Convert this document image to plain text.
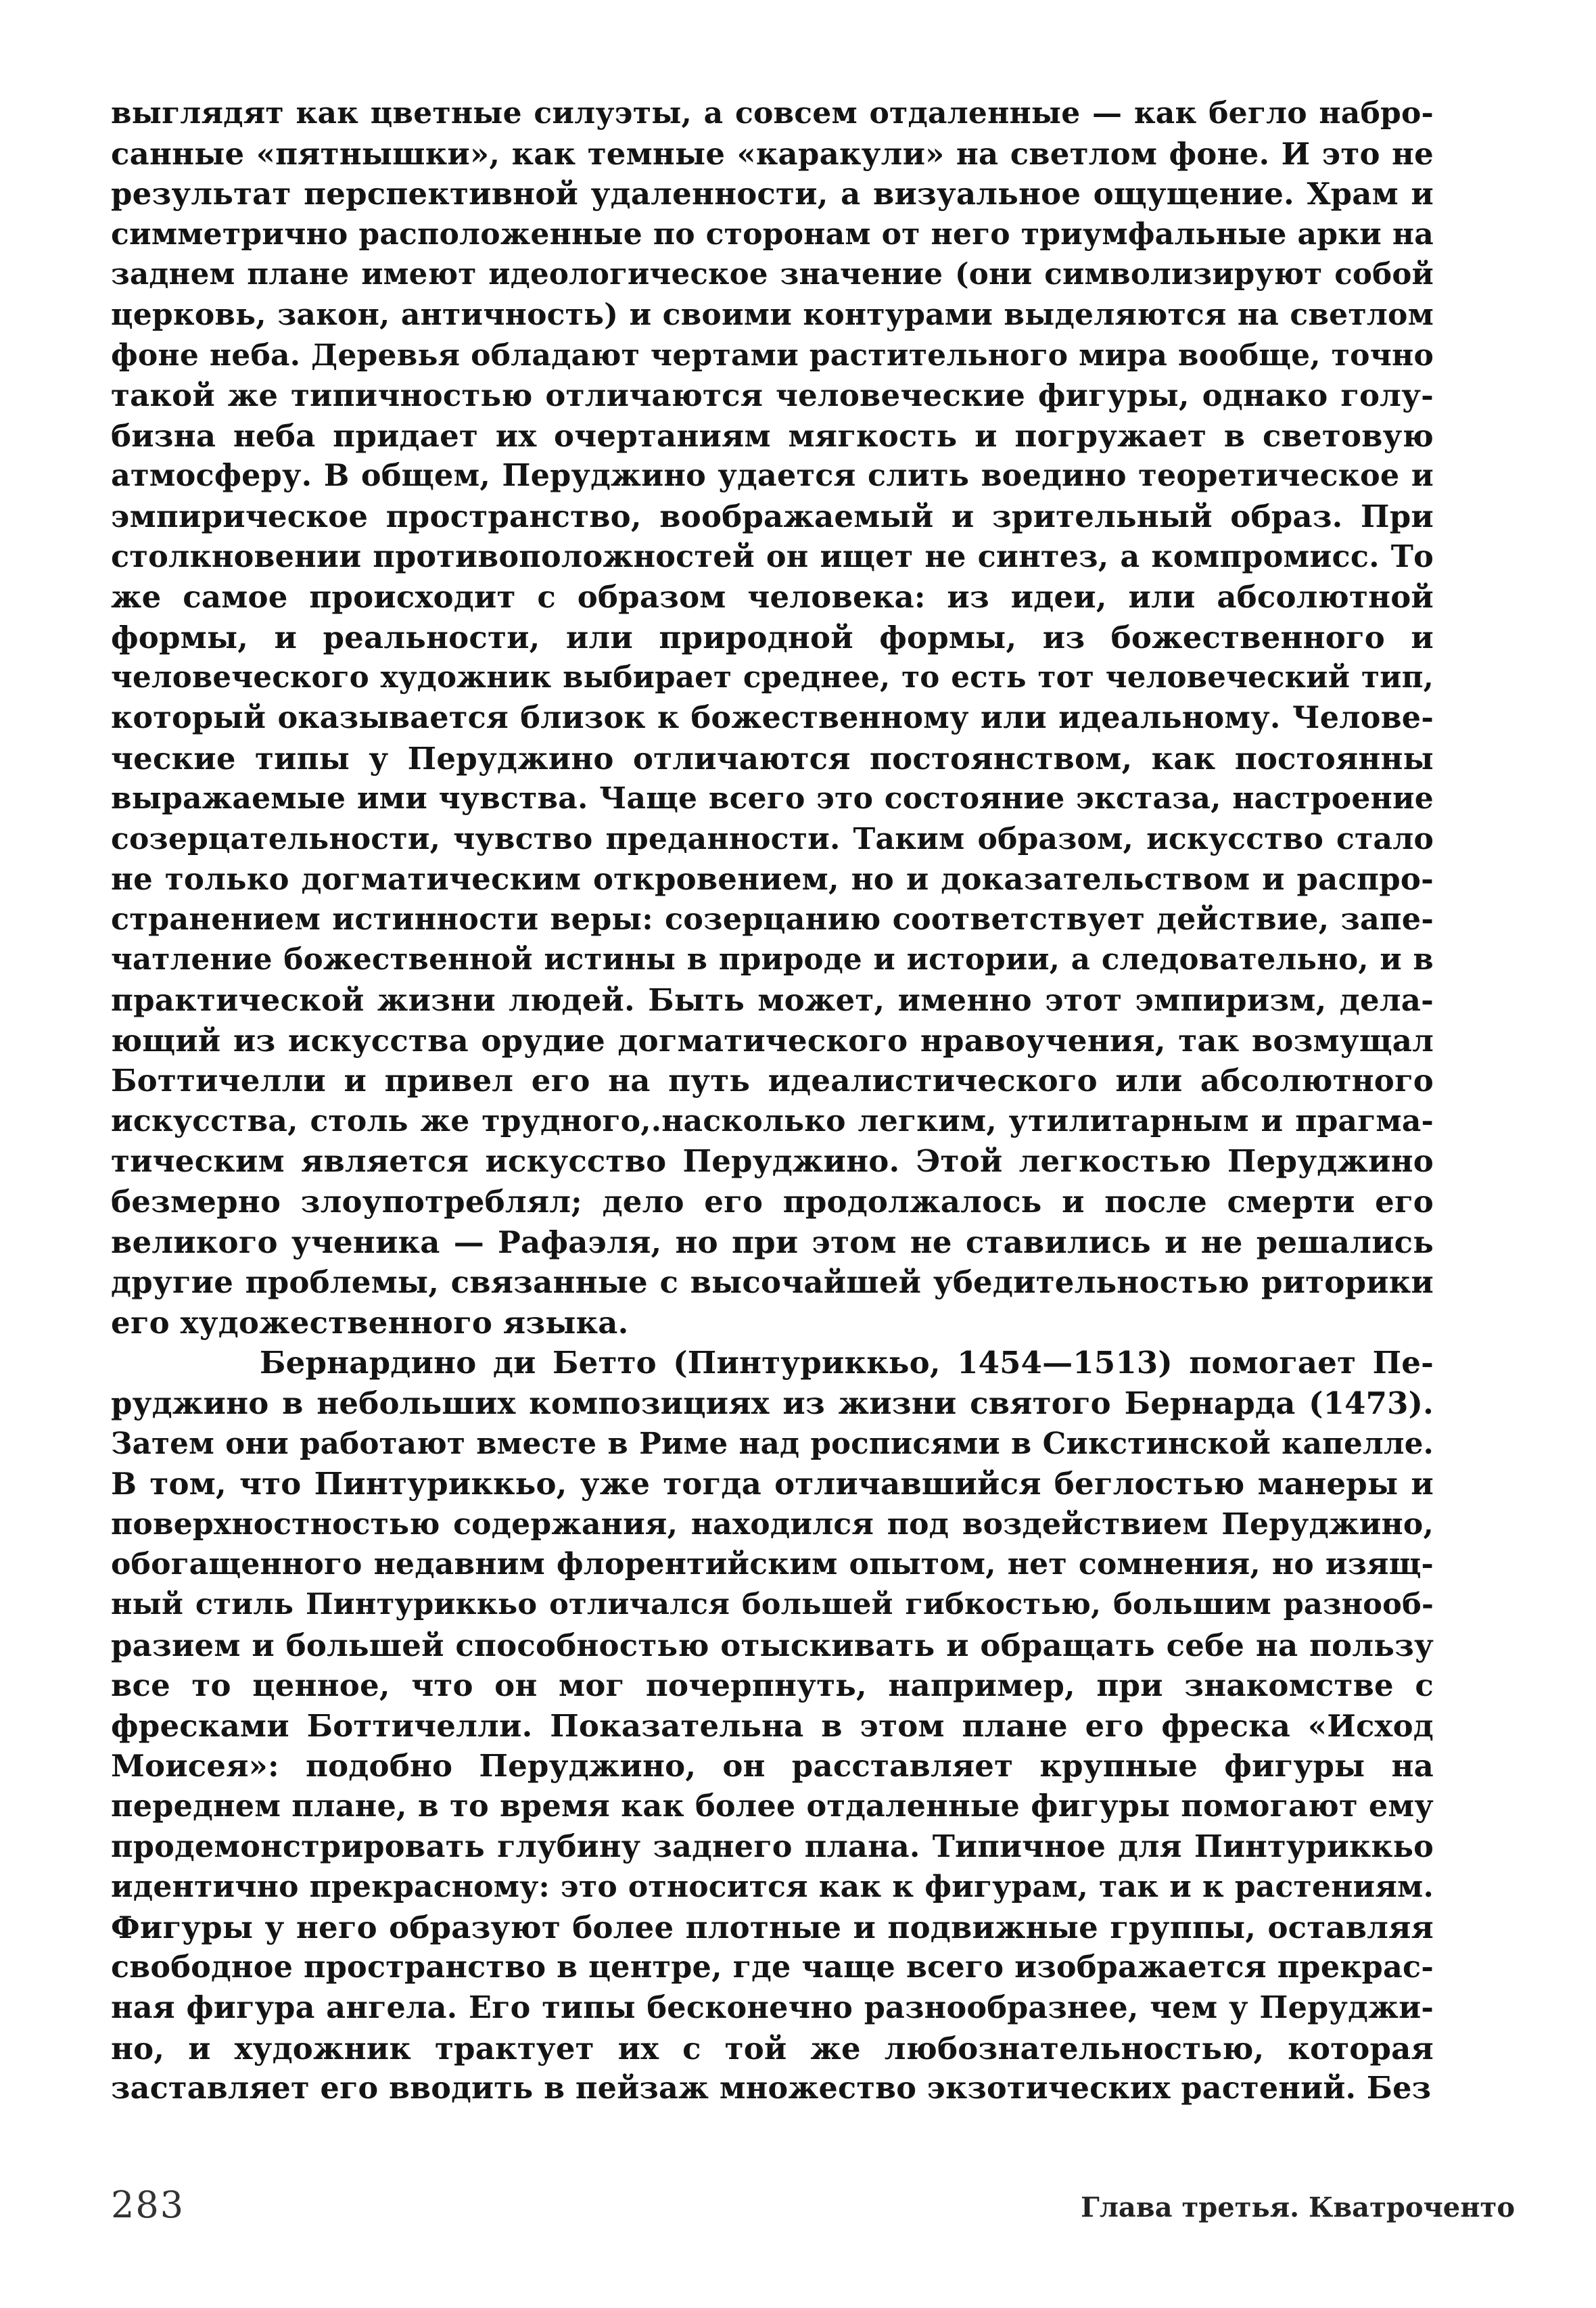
выглядят как цветные силуэты, а совсем отдаленные — как бегло набро-
санные «пятнышки», как темные «каракули» на светлом фоне. И это не
результат перспективной удаленности, а визуальное ощущение. Храм и
симметрично расположенные по сторонам от него триумфальные арки на
заднем плане имеют идеологическое значение (они символизируют собой
церковь, закон, античность) и своими контурами выделяются на светлом
фоне неба. Деревья обладают чертами растительного мира вообще, точно
такой же типичностью отличаются человеческие фигуры, однако голу-
бизна неба придает их очертаниям мягкость и погружает в световую
атмосферу. В общем, Перуджино удается слить воедино теоретическое и
эмпирическое пространство, воображаемый и зрительный образ. При
столкновении противоположностей он ищет не синтез, а компромисс. То
же самое происходит с образом человека: из идеи, или абсолютной
формы, и реальности, или природной формы, из божественного и
человеческого художник выбирает среднее, то есть тот человеческий тип,
который оказывается близок к божественному или идеальному. Челове-
ческие типы у Перуджино отличаются постоянством, как постоянны
выражаемые ими чувства. Чаще всего это состояние экстаза, настроение
созерцательности, чувство преданности. Таким образом, искусство стало
не только догматическим откровением, но и доказательством и распро-
странением истинности веры: созерцанию соответствует действие, запе-
чатление божественной истины в природе и истории, а следовательно, и в
практической жизни людей. Быть может, именно этот эмпиризм, дела-
ющий из искусства орудие догматического нравоучения, так возмущал
Боттичелли и привел его на путь идеалистического или абсолютного
искусства, столь же трудного,.насколько легким, утилитарным и прагма-
тическим является искусство Перуджино. Этой легкостью Перуджино
безмерно злоупотреблял; дело его продолжалось и после смерти его
великого ученика — Рафаэля, но при этом не ставились и не решались
другие проблемы, связанные с высочайшей убедительностью риторики
его художественного языка.
Бернардино ди Бетто (Пинтуриккьо, 1454—1513) помогает Пе-
руджино в небольших композициях из жизни святого Бернарда (1473).
Затем они работают вместе в Риме над росписями в Сикстинской капелле.
В том, что Пинтуриккьо, уже тогда отличавшийся беглостью манеры и
поверхностностью содержания, находился под воздействием Перуджино,
обогащенного недавним флорентийским опытом, нет сомнения, но изящ-
ный стиль Пинтуриккьо отличался большей гибкостью, большим разнооб-
разием и большей способностью отыскивать и обращать себе на пользу
все то ценное, что он мог почерпнуть, например, при знакомстве с
фресками Боттичелли. Показательна в этом плане его фреска «Исход
Моисея»: подобно Перуджино, он расставляет крупные фигуры на
переднем плане, в то время как более отдаленные фигуры помогают ему
продемонстрировать глубину заднего плана. Типичное для Пинтуриккьо
идентично прекрасному: это относится как к фигурам, так и к растениям.
Фигуры у него образуют более плотные и подвижные группы, оставляя
свободное пространство в центре, где чаще всего изображается прекрас-
ная фигура ангела. Его типы бесконечно разнообразнее, чем у Перуджи-
но, и художник трактует их с той же любознательностью, которая
заставляет его вводить в пейзаж множество экзотических растений. Без
283	Глава третья. Кватроченто
